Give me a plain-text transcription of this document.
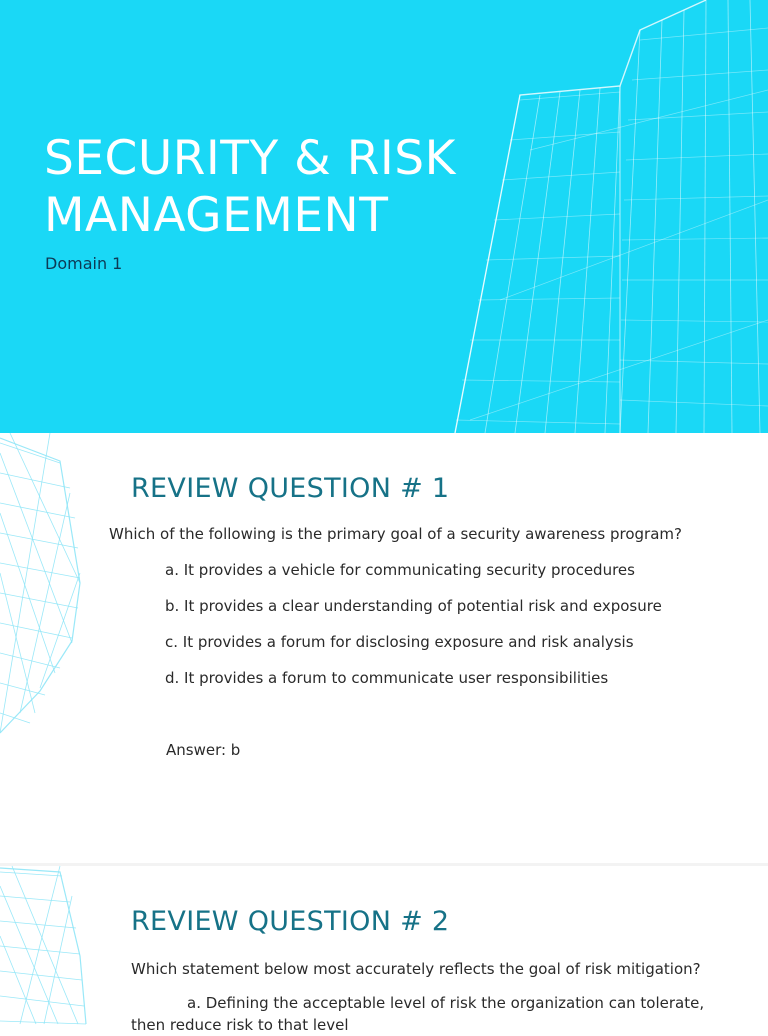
SECURITY & RISK
MANAGEMENT
Domain 1
REVIEW QUESTION # 1

Which of the following is the primary goal of a security awareness program?

a. It provides a vehicle for communicating security procedures

b. It provides a clear understanding of potential risk and exposure

c. It provides a forum for disclosing exposure and risk analysis

d. It provides a forum to communicate user responsibilities

Answer: b

REVIEW QUESTION # 2

Which statement below most accurately reflects the goal of risk mitigation?

a. Defining the acceptable level of risk the organization can tolerate, then reduce risk to that level
